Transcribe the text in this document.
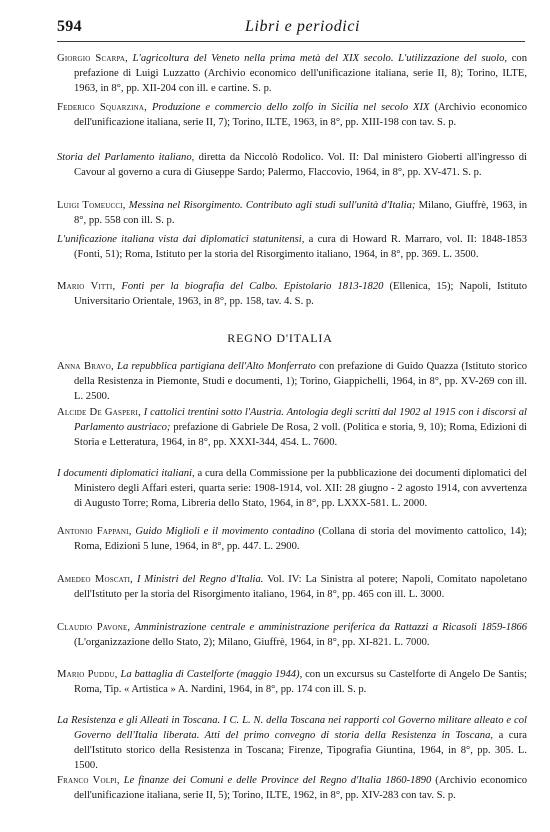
594	Libri e periodici

Giorgio Scarpa, L'agricoltura del Veneto nella prima metà del XIX secolo. L'utilizzazione del suolo, con prefazione di Luigi Luzzatto (Archivio economico dell'unificazione italiana, serie II, 8); Torino, ILTE, 1963, in 8°, pp. XII-204 con ill. e cartine. S. p.

Federico Squarzina, Produzione e commercio dello zolfo in Sicilia nel secolo XIX (Archivio economico dell'unificazione italiana, serie II, 7); Torino, ILTE, 1963, in 8°, pp. XIII-198 con tav. S. p.

Storia del Parlamento italiano, diretta da Niccolò Rodolico. Vol. II: Dal ministero Gioberti all'ingresso di Cavour al governo a cura di Giuseppe Sardo; Palermo, Flaccovio, 1964, in 8°, pp. XV-471. S. p.

Luigi Tomeucci, Messina nel Risorgimento. Contributo agli studi sull'unità d'Italia; Milano, Giuffrè, 1963, in 8°, pp. 558 con ill. S. p.

L'unificazione italiana vista dai diplomatici statunitensi, a cura di Howard R. Marraro, vol. II: 1848-1853 (Fonti, 51); Roma, Istituto per la storia del Risorgimento italiano, 1964, in 8°, pp. 369. L. 3500.

Mario Vitti, Fonti per la biografia del Calbo. Epistolario 1813-1820 (Ellenica, 15); Napoli, Istituto Universitario Orientale, 1963, in 8°, pp. 158, tav. 4. S. p.

REGNO D'ITALIA

Anna Bravo, La repubblica partigiana dell'Alto Monferrato con prefazione di Guido Quazza (Istituto storico della Resistenza in Piemonte, Studi e documenti, 1); Torino, Giappichelli, 1964, in 8°, pp. XV-269 con ill. L. 2500.

Alcide De Gasperi, I cattolici trentini sotto l'Austria. Antologia degli scritti dal 1902 al 1915 con i discorsi al Parlamento austriaco; prefazione di Gabriele De Rosa, 2 voll. (Politica e storia, 9, 10); Roma, Edizioni di Storia e Letteratura, 1964, in 8°, pp. XXXI-344, 454. L. 7600.

I documenti diplomatici italiani, a cura della Commissione per la pubblicazione dei documenti diplomatici del Ministero degli Affari esteri, quarta serie: 1908-1914, vol. XII: 28 giugno - 2 agosto 1914, con avvertenza di Augusto Torre; Roma, Libreria dello Stato, 1964, in 8°, pp. LXXX-581. L. 2000.

Antonio Fappani, Guido Miglioli e il movimento contadino (Collana di storia del movimento cattolico, 14); Roma, Edizioni 5 lune, 1964, in 8°, pp. 447. L. 2900.

Amedeo Moscati, I Ministri del Regno d'Italia. Vol. IV: La Sinistra al potere; Napoli, Comitato napoletano dell'Istituto per la storia del Risorgimento italiano, 1964, in 8°, pp. 465 con ill. L. 3000.

Claudio Pavone, Amministrazione centrale e amministrazione periferica da Rattazzi a Ricasoli 1859-1866 (L'organizzazione dello Stato, 2); Milano, Giuffrè, 1964, in 8°, pp. XI-821. L. 7000.

Mario Puddu, La battaglia di Castelforte (maggio 1944), con un excursus su Castelforte di Angelo De Santis; Roma, Tip. « Artistica » A. Nardini, 1964, in 8°, pp. 174 con ill. S. p.

La Resistenza e gli Alleati in Toscana. I C. L. N. della Toscana nei rapporti col Governo militare alleato e col Governo dell'Italia liberata. Atti del primo convegno di storia della Resistenza in Toscana, a cura dell'Istituto storico della Resistenza in Toscana; Firenze, Tipografia Giuntina, 1964, in 8°, pp. 305. L. 1500.

Franco Volpi, Le finanze dei Comuni e delle Province del Regno d'Italia 1860-1890 (Archivio economico dell'unificazione italiana, serie II, 5); Torino, ILTE, 1962, in 8°, pp. XIV-283 con tav. S. p.
